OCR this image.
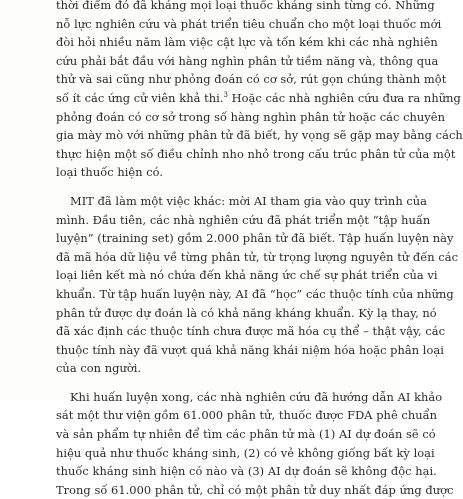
thời điểm đó đã kháng mọi loại thuốc kháng sinh từng có. Những
nỗ lực nghiên cứu và phát triển tiêu chuẩn cho một loại thuốc mới
đòi hỏi nhiều năm làm việc cật lực và tốn kém khi các nhà nghiên
cứu phải bắt đầu với hàng nghìn phân tử tiềm năng và, thông qua
thử và sai cũng như phỏng đoán có cơ sở, rút gọn chúng thành một
số ít các ứng cử viên khả thi.$^3$ Hoặc các nhà nghiên cứu đưa ra những
phỏng đoán có cơ sở trong số hàng nghìn phân tử hoặc các chuyên
gia mày mò với những phân tử đã biết, hy vọng sẽ gặp may bằng cách
thực hiện một số điều chỉnh nho nhỏ trong cấu trúc phân tử của một
loại thuốc hiện có.
MIT đã làm một việc khác: mời AI tham gia vào quy trình của
mình. Đầu tiên, các nhà nghiên cứu đã phát triển một “tập huấn
luyện” (training set) gồm 2.000 phân tử đã biết. Tập huấn luyện này
đã mã hóa dữ liệu về từng phân tử, từ trọng lượng nguyên tử đến các
loại liên kết mà nó chứa đến khả năng ức chế sự phát triển của vi
khuẩn. Từ tập huấn luyện này, AI đã “học” các thuộc tính của những
phân tử được dự đoán là có khả năng kháng khuẩn. Kỳ lạ thay, nó
đã xác định các thuộc tính chưa được mã hóa cụ thể – thật vậy, các
thuộc tính này đã vượt quá khả năng khái niệm hóa hoặc phân loại
của con người.
Khi huấn luyện xong, các nhà nghiên cứu đã hướng dẫn AI khảo
sát một thư viện gồm 61.000 phân tử, thuốc được FDA phê chuẩn
và sản phẩm tự nhiên để tìm các phân tử mà (1) AI dự đoán sẽ có
hiệu quả như thuốc kháng sinh, (2) có vẻ không giống bất kỳ loại
thuốc kháng sinh hiện có nào và (3) AI dự đoán sẽ không độc hại.
Trong số 61.000 phân tử, chỉ có một phân tử duy nhất đáp ứng được
